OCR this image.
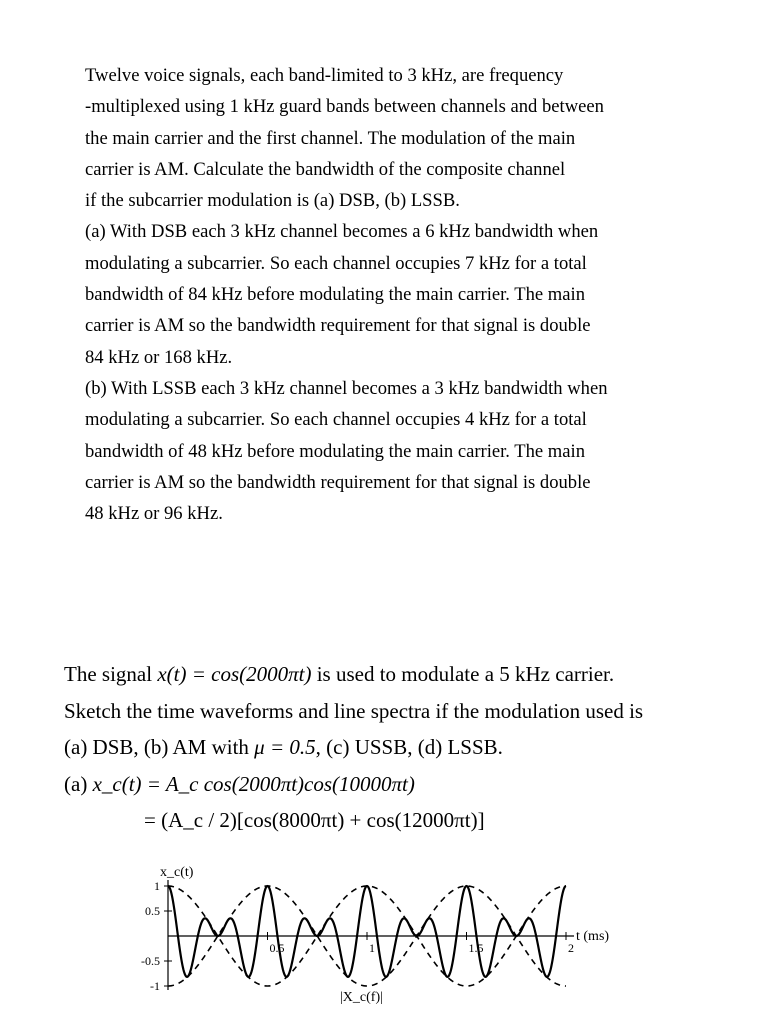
Twelve voice signals, each band-limited to 3 kHz, are frequency
-multiplexed using 1 kHz guard bands between channels and between
the main carrier and the first channel. The modulation of the main
carrier is AM. Calculate the bandwidth of the composite channel
if the subcarrier modulation is (a) DSB, (b) LSSB.
(a) With DSB each 3 kHz channel becomes a 6 kHz bandwidth when
modulating a subcarrier. So each channel occupies 7 kHz for a total
bandwidth of 84 kHz before modulating the main carrier. The main
carrier is AM so the bandwidth requirement for that signal is double
84 kHz or 168 kHz.
(b) With LSSB each 3 kHz channel becomes a 3 kHz bandwidth when
modulating a subcarrier. So each channel occupies 4 kHz for a total
bandwidth of 48 kHz before modulating the main carrier. The main
carrier is AM so the bandwidth requirement for that signal is double
48 kHz or 96 kHz.
The signal x(t) = cos(2000πt) is used to modulate a 5 kHz carrier.
Sketch the time waveforms and line spectra if the modulation used is
(a) DSB, (b) AM with μ = 0.5, (c) USSB, (d) LSSB.
(a) x_c(t) = A_c cos(2000πt)cos(10000πt)
= (A_c / 2)[cos(8000πt) + cos(12000πt)]
x_c(t)
t (ms)
1
0.5
-0.5
-1
0.5	1	1.5	2
|X_c(f)|
